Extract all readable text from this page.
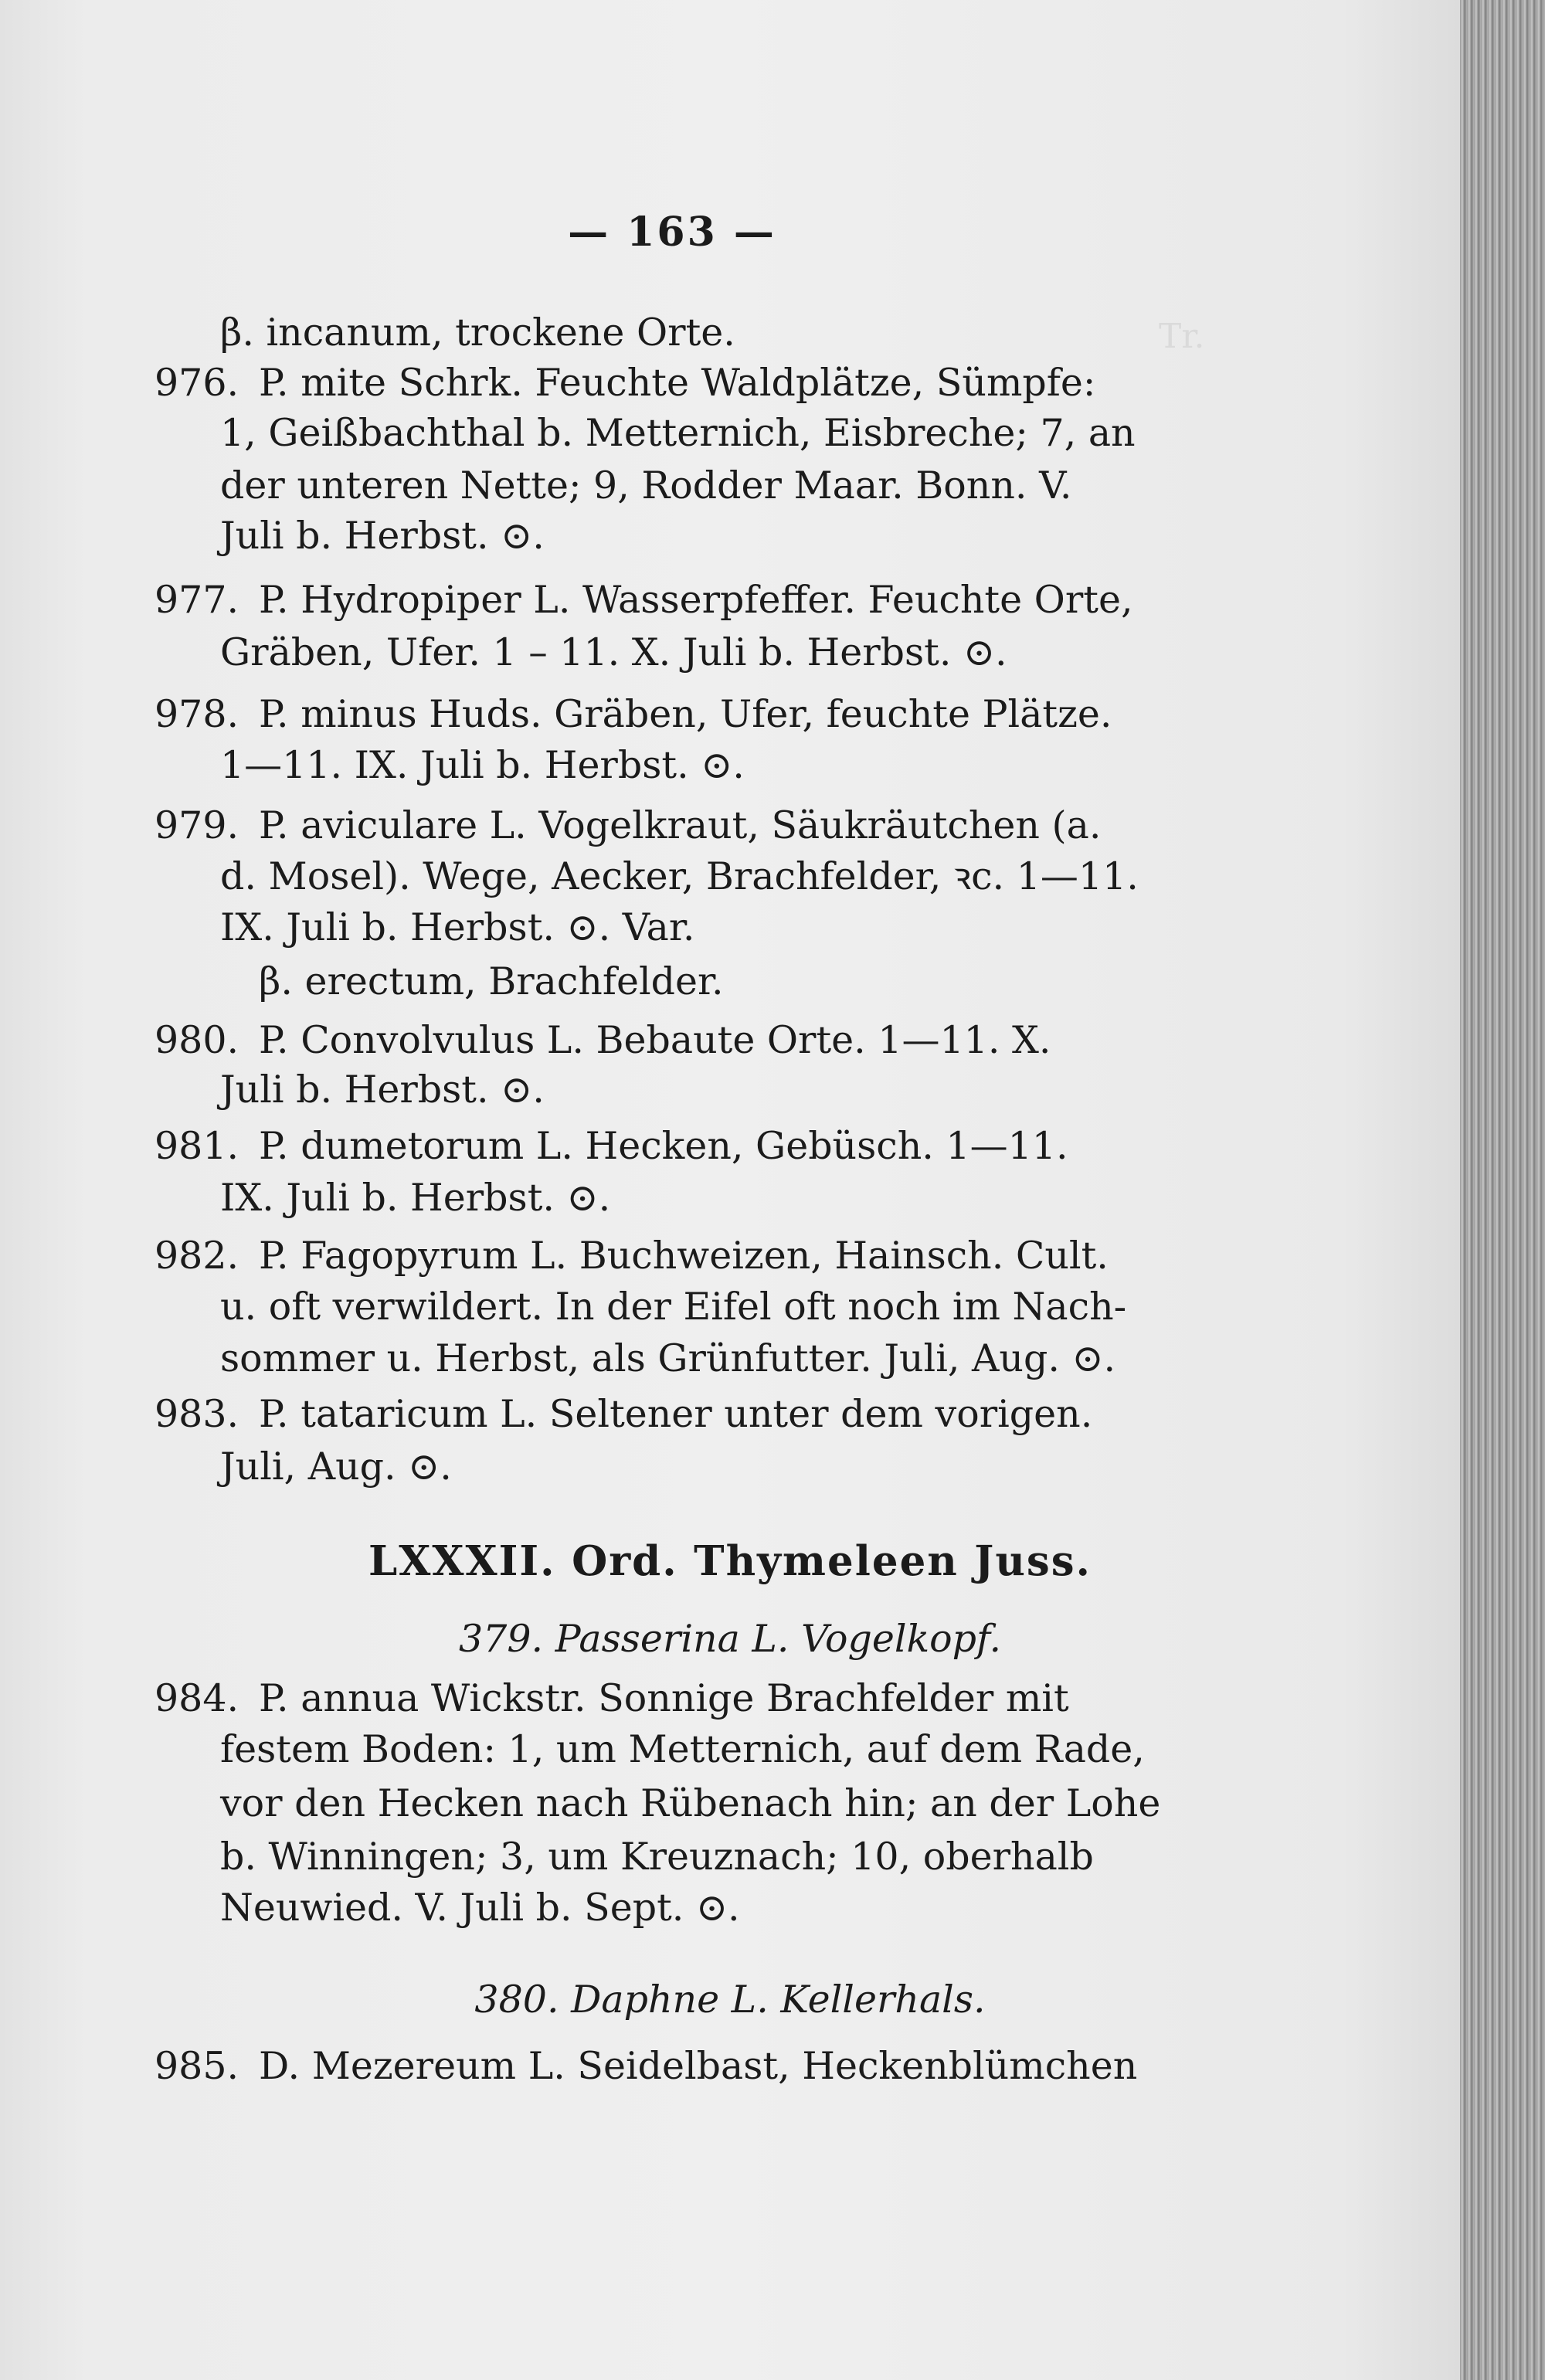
Tr.
— 163 —
β. incanum, trockene Orte.
976. P. mite Schrk. Feuchte Waldplätze, Sümpfe:
1, Geißbachthal b. Metternich, Eisbreche; 7, an
der unteren Nette; 9, Rodder Maar. Bonn. V.
Juli b. Herbst. ⊙.
977. P. Hydropiper L. Wasserpfeffer. Feuchte Orte,
Gräben, Ufer. 1 – 11. X. Juli b. Herbst. ⊙.
978. P. minus Huds. Gräben, Ufer, feuchte Plätze.
1—11. IX. Juli b. Herbst. ⊙.
979. P. aviculare L. Vogelkraut, Säukräutchen (a.
d. Mosel). Wege, Aecker, Brachfelder, ꝛc. 1—11.
IX. Juli b. Herbst. ⊙. Var.
β. erectum, Brachfelder.
980. P. Convolvulus L. Bebaute Orte. 1—11. X.
Juli b. Herbst. ⊙.
981. P. dumetorum L. Hecken, Gebüsch. 1—11.
IX. Juli b. Herbst. ⊙.
982. P. Fagopyrum L. Buchweizen, Hainsch. Cult.
u. oft verwildert. In der Eifel oft noch im Nach-
sommer u. Herbst, als Grünfutter. Juli, Aug. ⊙.
983. P. tataricum L. Seltener unter dem vorigen.
Juli, Aug. ⊙.
LXXXII. Ord. Thymeleen Juss.
379. Passerina L. Vogelkopf.
984. P. annua Wickstr. Sonnige Brachfelder mit
festem Boden: 1, um Metternich, auf dem Rade,
vor den Hecken nach Rübenach hin; an der Lohe
b. Winningen; 3, um Kreuznach; 10, oberhalb
Neuwied. V. Juli b. Sept. ⊙.
380. Daphne L. Kellerhals.
985. D. Mezereum L. Seidelbast, Heckenblümchen
